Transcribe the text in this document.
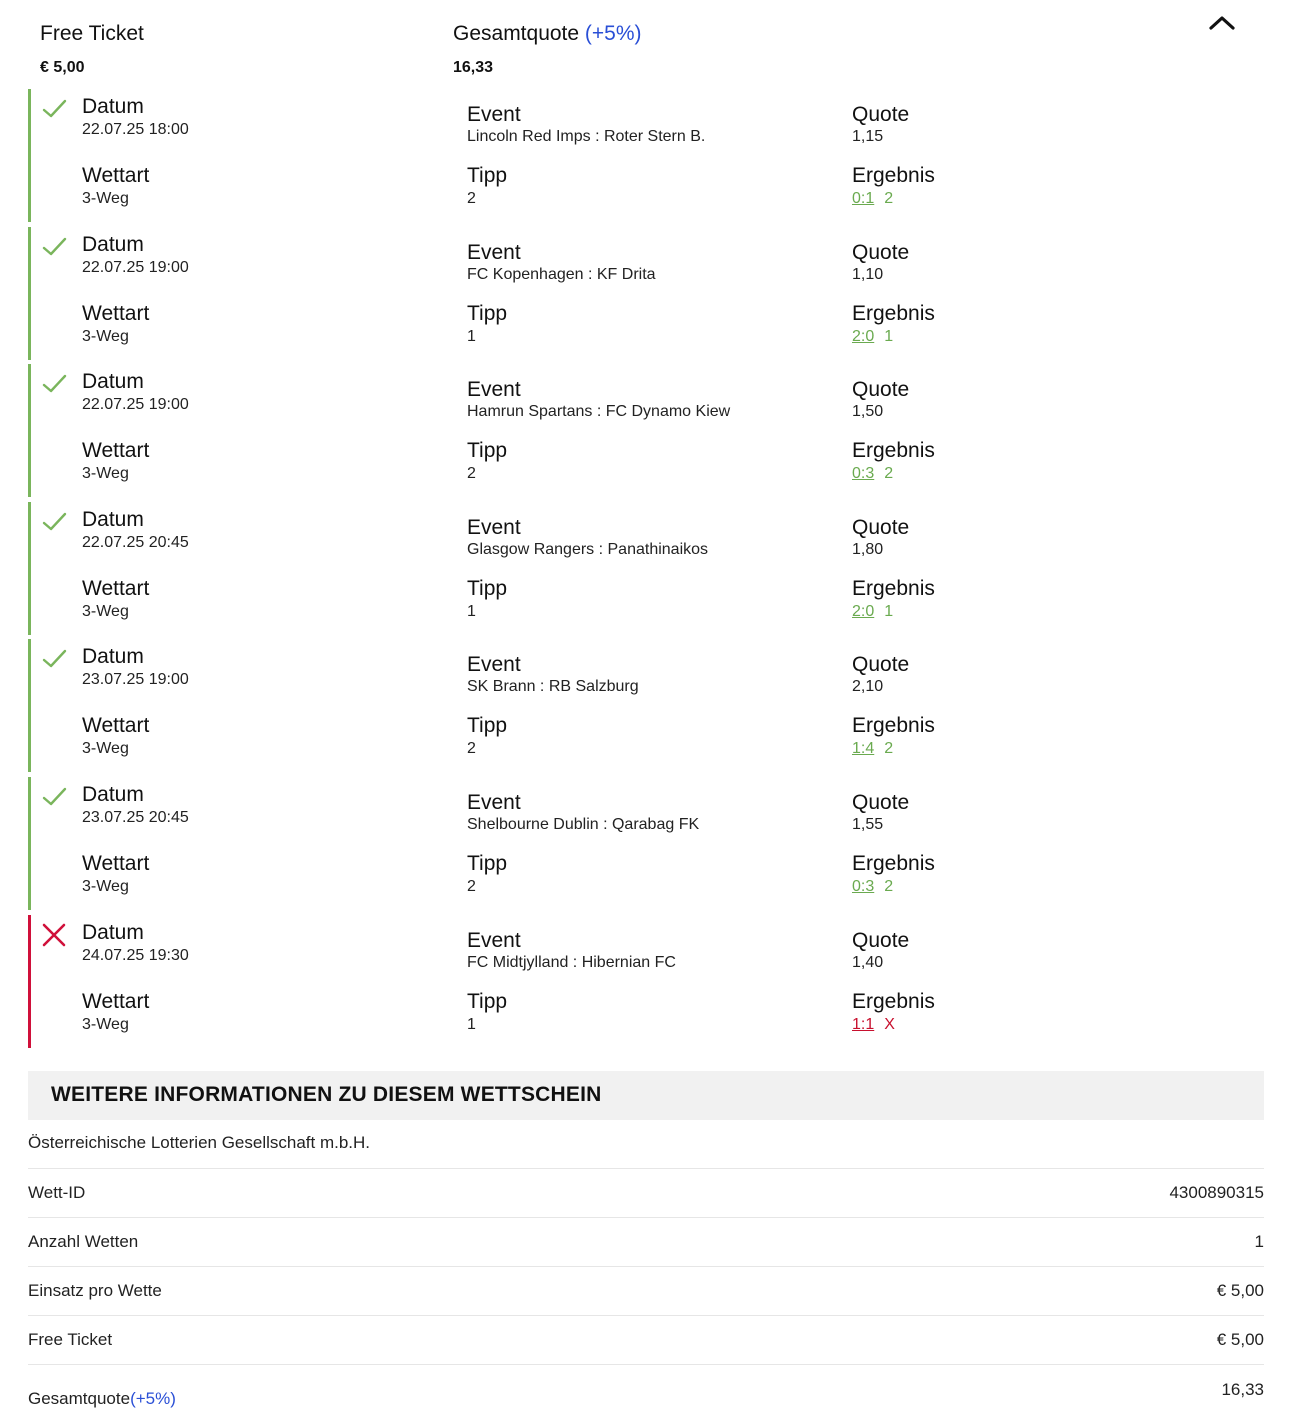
Free Ticket
€ 5,00
Gesamtquote (+5%)
16,33
Datum
22.07.25 18:00
Wettart
3-Weg
Event
Lincoln Red Imps : Roter Stern B.
Tipp
2
Quote
1,15
Ergebnis
0:1 2
Datum
22.07.25 19:00
Wettart
3-Weg
Event
FC Kopenhagen : KF Drita
Tipp
1
Quote
1,10
Ergebnis
2:0 1
Datum
22.07.25 19:00
Wettart
3-Weg
Event
Hamrun Spartans : FC Dynamo Kiew
Tipp
2
Quote
1,50
Ergebnis
0:3 2
Datum
22.07.25 20:45
Wettart
3-Weg
Event
Glasgow Rangers : Panathinaikos
Tipp
1
Quote
1,80
Ergebnis
2:0 1
Datum
23.07.25 19:00
Wettart
3-Weg
Event
SK Brann : RB Salzburg
Tipp
2
Quote
2,10
Ergebnis
1:4 2
Datum
23.07.25 20:45
Wettart
3-Weg
Event
Shelbourne Dublin : Qarabag FK
Tipp
2
Quote
1,55
Ergebnis
0:3 2
Datum
24.07.25 19:30
Wettart
3-Weg
Event
FC Midtjylland : Hibernian FC
Tipp
1
Quote
1,40
Ergebnis
1:1 X
WEITERE INFORMATIONEN ZU DIESEM WETTSCHEIN
Österreichische Lotterien Gesellschaft m.b.H.
Wett-ID	4300890315
Anzahl Wetten	1
Einsatz pro Wette	€ 5,00
Free Ticket	€ 5,00
Gesamtquote(+5%)	16,33
